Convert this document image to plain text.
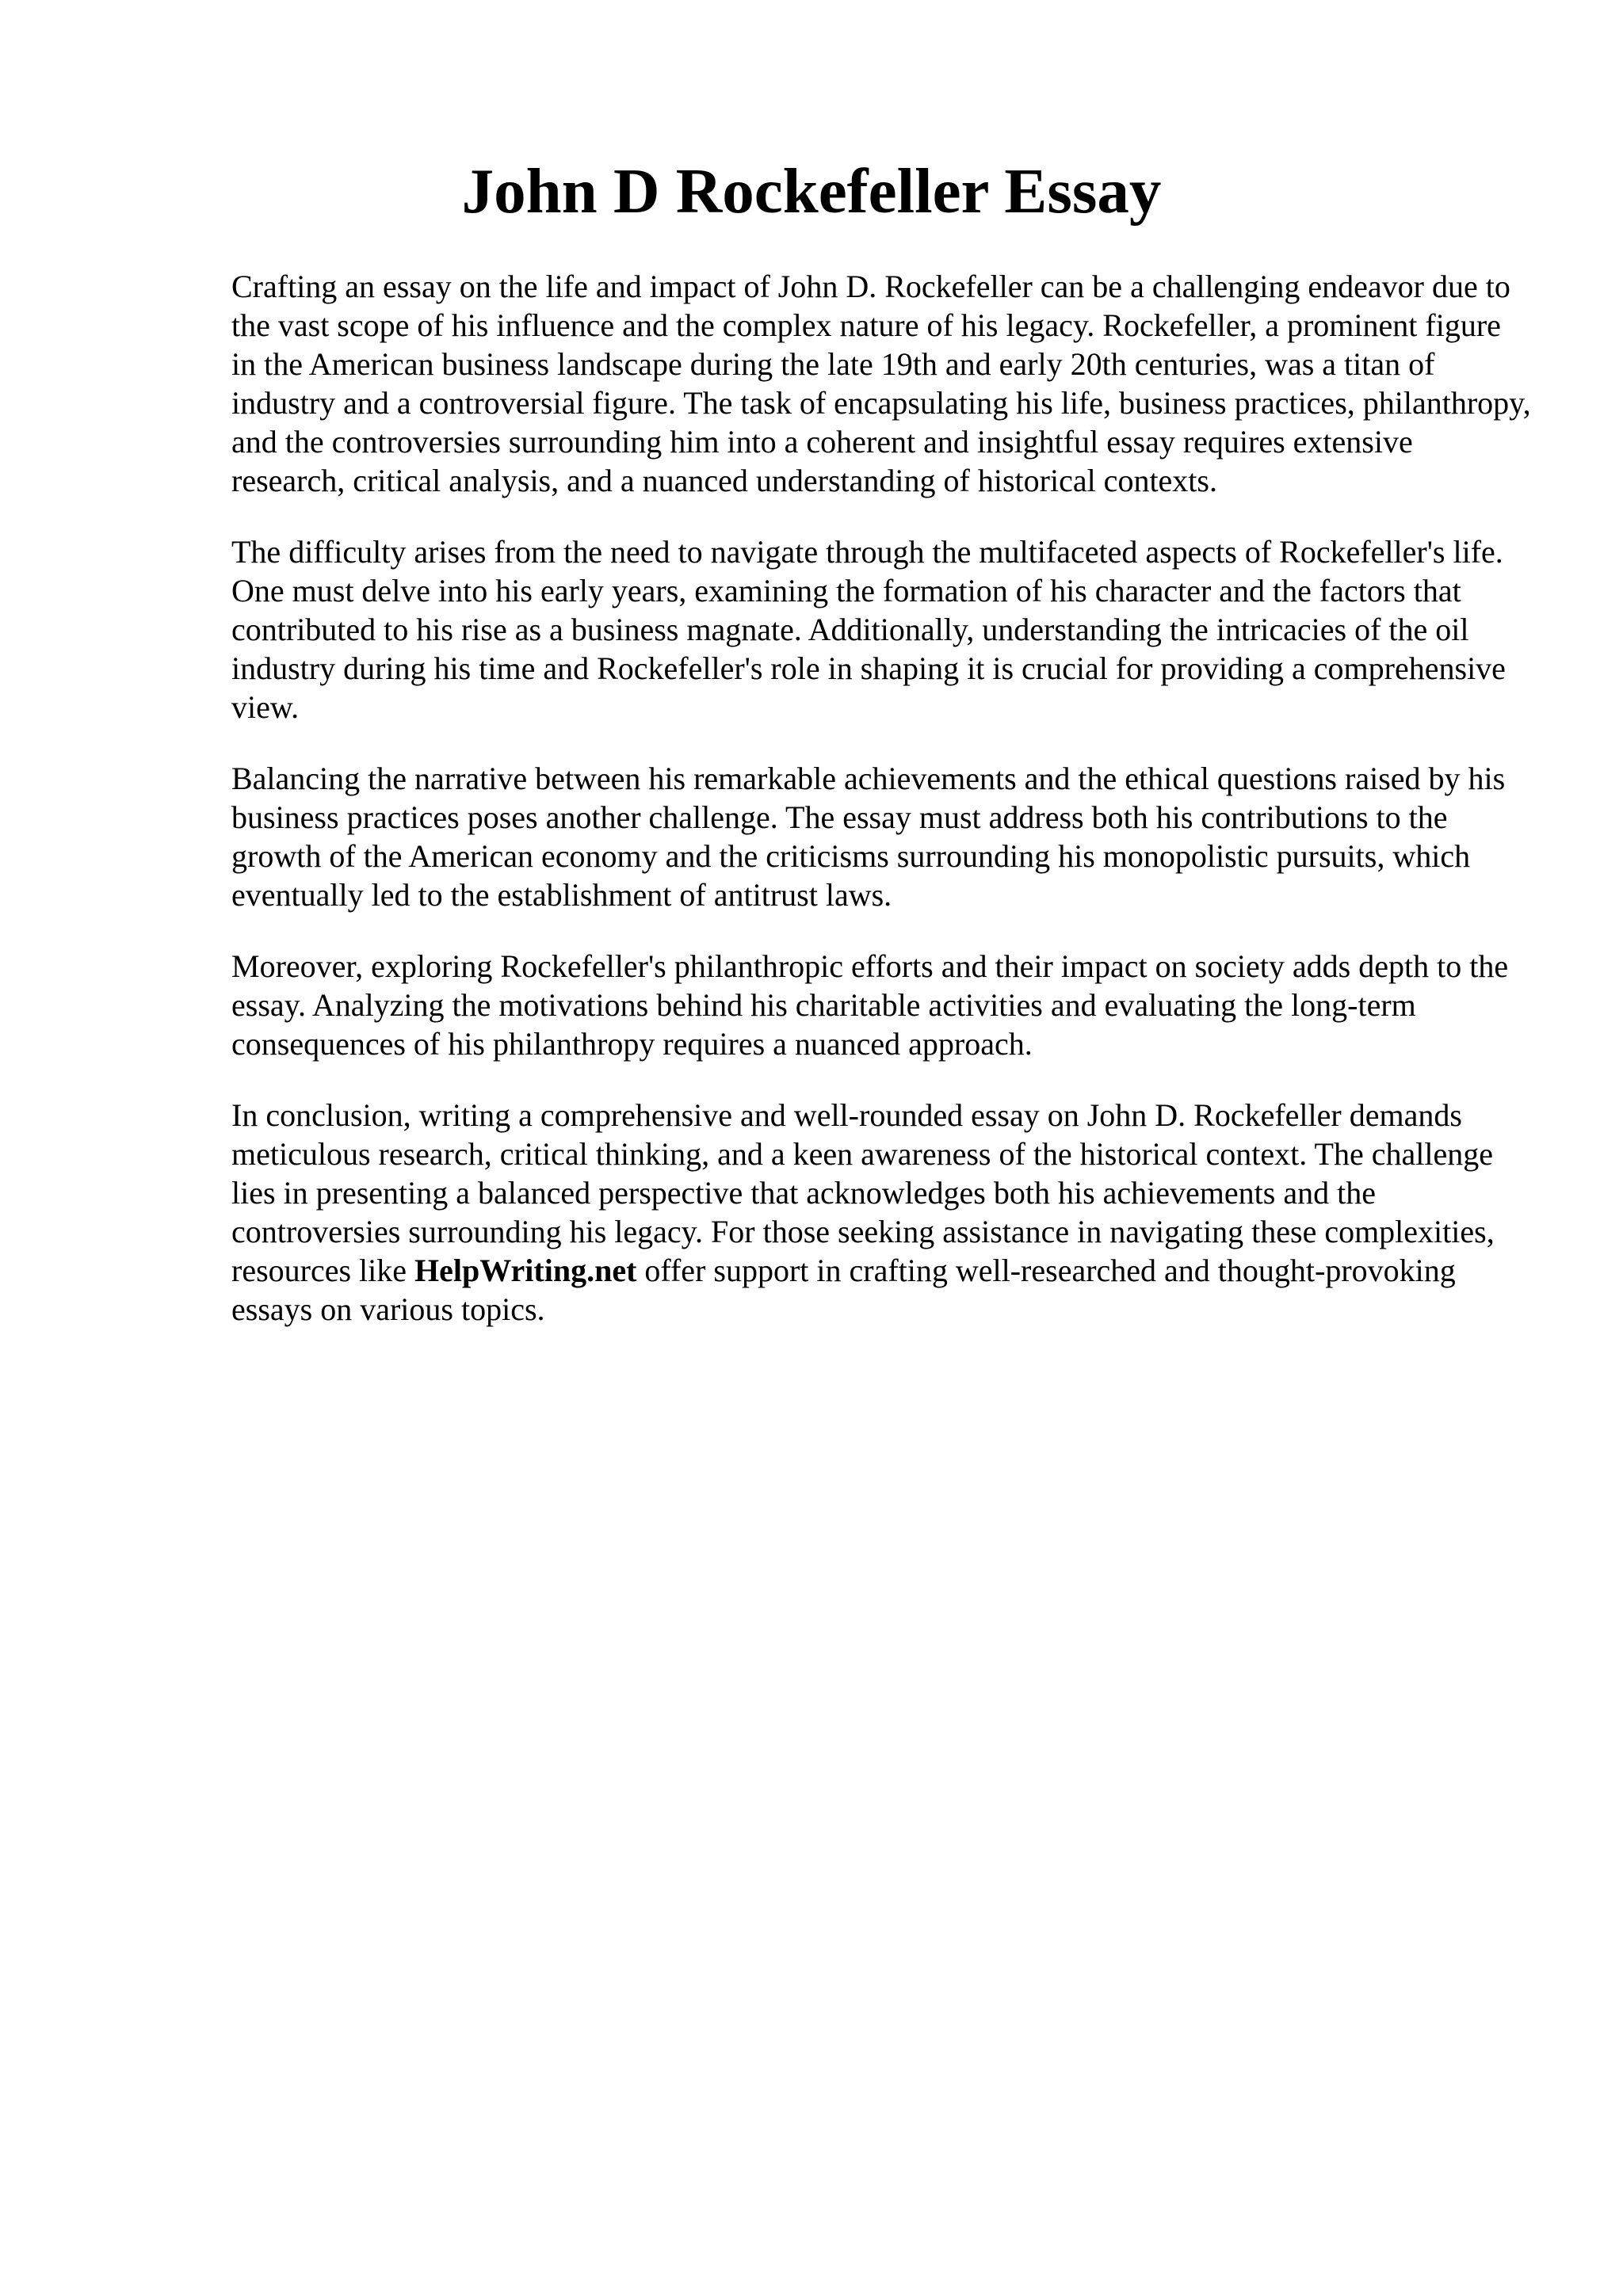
John D Rockefeller Essay

Crafting an essay on the life and impact of John D. Rockefeller can be a challenging endeavor due to the vast scope of his influence and the complex nature of his legacy. Rockefeller, a prominent figure in the American business landscape during the late 19th and early 20th centuries, was a titan of industry and a controversial figure. The task of encapsulating his life, business practices, philanthropy, and the controversies surrounding him into a coherent and insightful essay requires extensive research, critical analysis, and a nuanced understanding of historical contexts.

The difficulty arises from the need to navigate through the multifaceted aspects of Rockefeller's life. One must delve into his early years, examining the formation of his character and the factors that contributed to his rise as a business magnate. Additionally, understanding the intricacies of the oil industry during his time and Rockefeller's role in shaping it is crucial for providing a comprehensive view.

Balancing the narrative between his remarkable achievements and the ethical questions raised by his business practices poses another challenge. The essay must address both his contributions to the growth of the American economy and the criticisms surrounding his monopolistic pursuits, which eventually led to the establishment of antitrust laws.

Moreover, exploring Rockefeller's philanthropic efforts and their impact on society adds depth to the essay. Analyzing the motivations behind his charitable activities and evaluating the long-term consequences of his philanthropy requires a nuanced approach.

In conclusion, writing a comprehensive and well-rounded essay on John D. Rockefeller demands meticulous research, critical thinking, and a keen awareness of the historical context. The challenge lies in presenting a balanced perspective that acknowledges both his achievements and the controversies surrounding his legacy. For those seeking assistance in navigating these complexities, resources like HelpWriting.net offer support in crafting well-researched and thought-provoking essays on various topics.
